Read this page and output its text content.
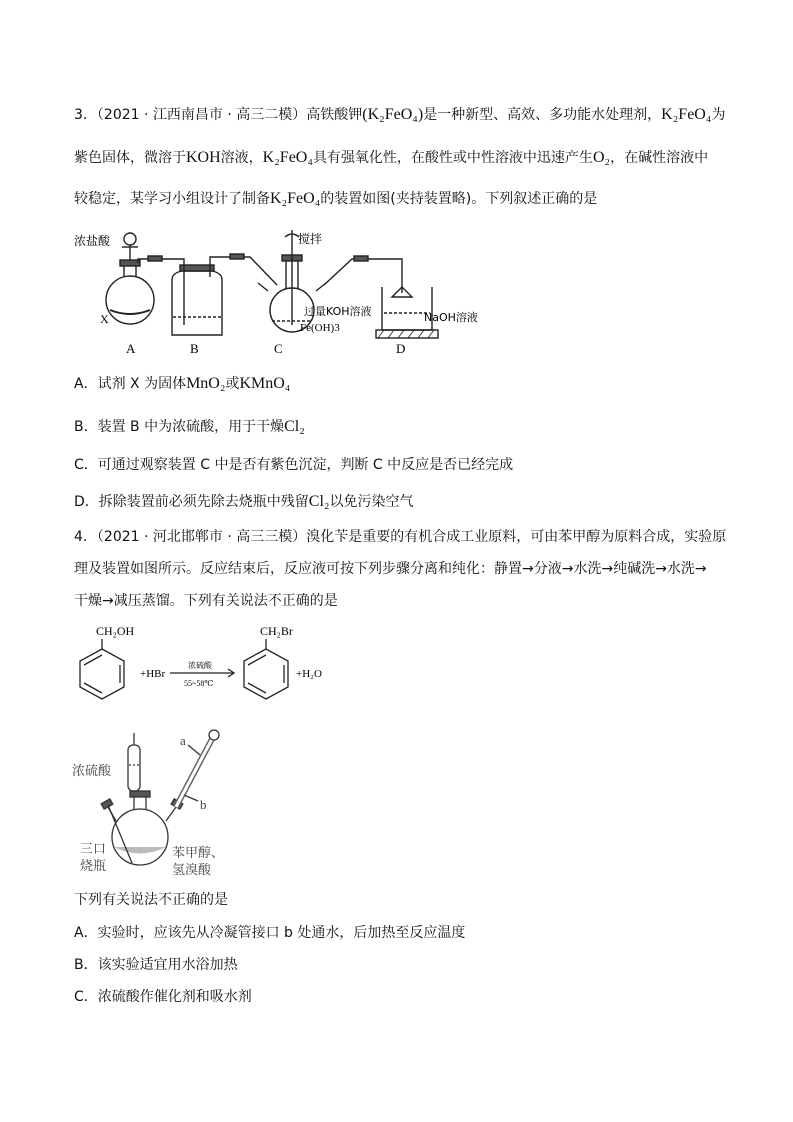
3．（2021 · 江西南昌市 · 高三二模）高铁酸钾(K₂FeO₄)是一种新型、高效、多功能水处理剂，K₂FeO₄为
紫色固体，微溶于KOH溶液，K₂FeO₄具有强氧化性，在酸性或中性溶液中迅速产生O₂，在碱性溶液中
较稳定，某学习小组设计了制备K₂FeO₄的装置如图(夹持装置略)。下列叙述正确的是
浓盐酸
X
搅拌
过量KOH溶液
Fe(OH)3
NaOH溶液
A	B	C	D
A．试剂 X 为固体MnO₂或KMnO₄
B．装置 B 中为浓硫酸，用于干燥Cl₂
C．可通过观察装置 C 中是否有紫色沉淀，判断 C 中反应是否已经完成
D．拆除装置前必须先除去烧瓶中残留Cl₂以免污染空气
4．（2021 · 河北邯郸市 · 高三三模）溴化苄是重要的有机合成工业原料，可由苯甲醇为原料合成，实验原
理及装置如图所示。反应结束后，反应液可按下列步骤分离和纯化：静置→分液→水洗→纯碱洗→水洗→
干燥→减压蒸馏。下列有关说法不正确的是
CH₂OH
+HBr
浓硫酸
55~58℃
CH₂Br
+H₂O
浓硫酸
a
b
三口
烧瓶
苯甲醇、
氢溴酸
下列有关说法不正确的是
A．实验时，应该先从冷凝管接口 b 处通水，后加热至反应温度
B．该实验适宜用水浴加热
C．浓硫酸作催化剂和吸水剂
